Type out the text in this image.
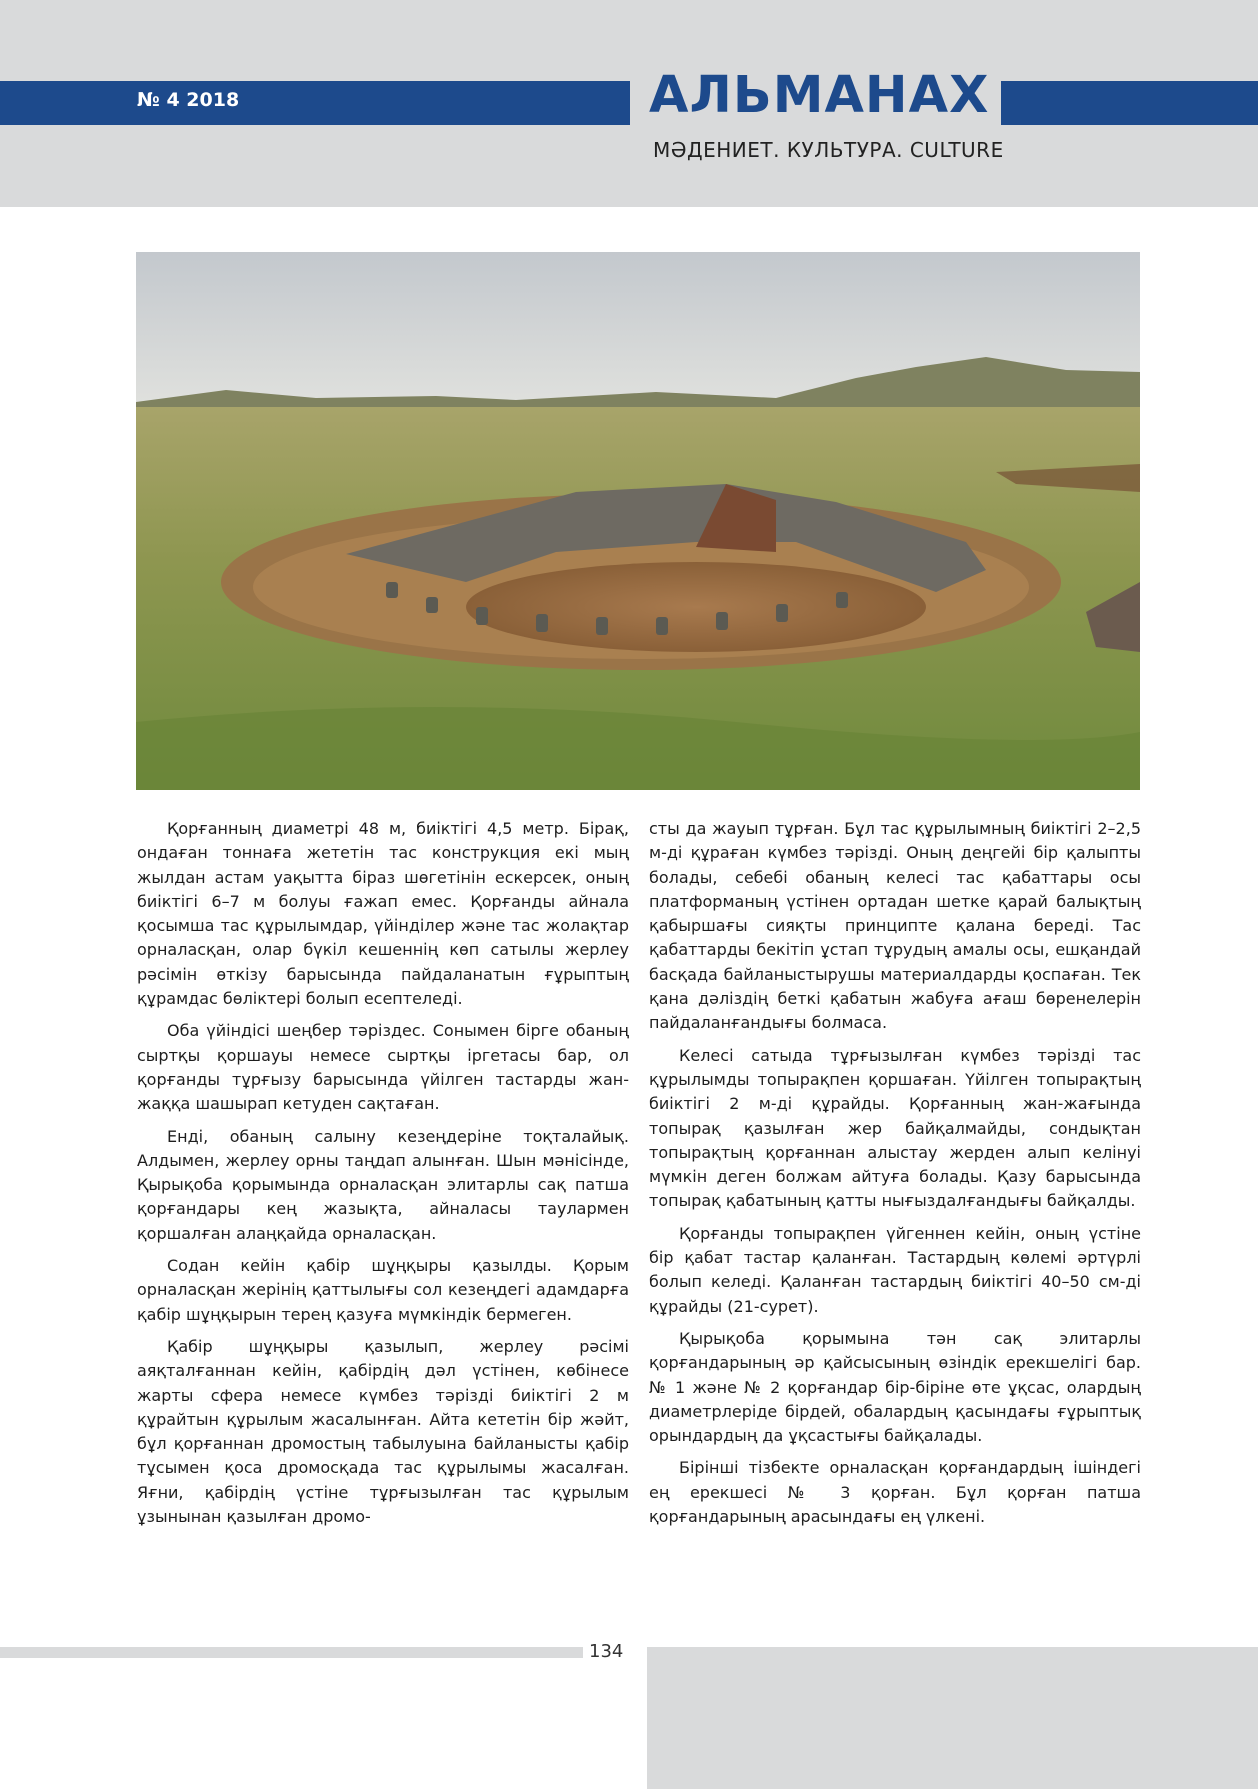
№ 4 2018	АЛЬМАНАХ
МӘДЕНИЕТ. КУЛЬТУРА. CULTURE

Қорғанның диаметрі 48 м, биіктігі 4,5 метр. Бірақ, ондаған тоннаға жететін тас конструкция екі мың жылдан астам уақытта біраз шөгетінін ескерсек, оның биіктігі 6–7 м болуы ғажап емес. Қорғанды айнала қосымша тас құрылымдар, үйінділер және тас жолақтар орналасқан, олар бүкіл кешеннің көп сатылы жерлеу рәсімін өткізу барысында пайдаланатын ғұрыптың құрамдас бөліктері болып есептеледі.

Оба үйіндісі шеңбер тәріздес. Сонымен бірге обаның сыртқы қоршауы немесе сыртқы іргетасы бар, ол қорғанды тұрғызу барысында үйілген тастарды жан-жаққа шашырап кетуден сақтаған.

Енді, обаның салыну кезеңдеріне тоқталайық. Алдымен, жерлеу орны таңдап алынған. Шын мәнісінде, Қырықоба қорымында орналасқан элитарлы сақ патша қорғандары кең жазықта, айналасы таулармен қоршалған алаңқайда орналасқан.

Содан кейін қабір шұңқыры қазылды. Қорым орналасқан жерінің қаттылығы сол кезеңдегі адамдарға қабір шұңқырын терең қазуға мүмкіндік бермеген.

Қабір шұңқыры қазылып, жерлеу рәсімі аяқталғаннан кейін, қабірдің дәл үстінен, көбінесе жарты сфера немесе күмбез тәрізді биіктігі 2 м құрайтын құрылым жасалынған. Айта кететін бір жәйт, бұл қорғаннан дромостың табылуына байланысты қабір тұсымен қоса дромосқада тас құрылымы жасалған. Яғни, қабірдің үстіне тұрғызылған тас құрылым ұзынынан қазылған дромо-

сты да жауып тұрған. Бұл тас құрылымның биіктігі 2–2,5 м-ді құраған күмбез тәрізді. Оның деңгейі бір қалыпты болады, себебі обаның келесі тас қабаттары осы платформаның үстінен ортадан шетке қарай балықтың қабыршағы сияқты принципте қалана береді. Тас қабаттарды бекітіп ұстап тұрудың амалы осы, ешқандай басқада байланыстырушы материалдарды қоспаған. Тек қана дәліздің беткі қабатын жабуға ағаш бөренелерін пайдаланғандығы болмаса.

Келесі сатыда тұрғызылған күмбез тәрізді тас құрылымды топырақпен қоршаған. Үйілген топырақтың биіктігі 2 м-ді құрайды. Қорғанның жан-жағында топырақ қазылған жер байқалмайды, сондықтан топырақтың қорғаннан алыстау жерден алып келінуі мүмкін деген болжам айтуға болады. Қазу барысында топырақ қабатының қатты нығыздалғандығы байқалды.

Қорғанды топырақпен үйгеннен кейін, оның үстіне бір қабат тастар қаланған. Тастардың көлемі әртүрлі болып келеді. Қаланған тастардың биіктігі 40–50 см-ді құрайды (21-сурет).

Қырықоба қорымына тән сақ элитарлы қорғандарының әр қайсысының өзіндік ерекшелігі бар. № 1 және № 2 қорғандар бір-біріне өте ұқсас, олардың диаметрлеріде бірдей, обалардың қасындағы ғұрыптық орындардың да ұқсастығы байқалады.

Бірінші тізбекте орналасқан қорғандардың ішіндегі ең ерекшесі № 3 қорған. Бұл қорған патша қорғандарының арасындағы ең үлкені.

134
